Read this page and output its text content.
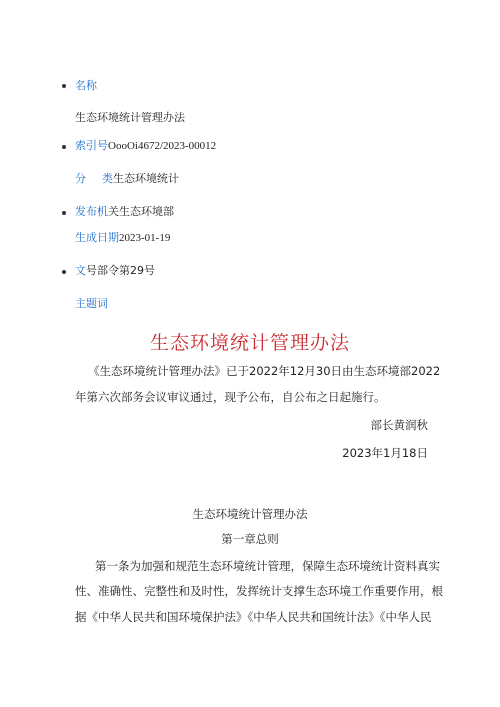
名称
生态环境统计管理办法
索引号OooOi4672/2023-00012
分 类生态环境统计
发布机关生态环境部
生成日期2023-01-19
文号部令第29号
主题词
生态环境统计管理办法
《生态环境统计管理办法》已于2022年12月30日由生态环境部2022
年第六次部务会议审议通过，现予公布，自公布之日起施行。
部长黄润秋
2023年1月18日
生态环境统计管理办法
第一章总则
第一条为加强和规范生态环境统计管理，保障生态环境统计资料真实
性、准确性、完整性和及时性，发挥统计支撑生态环境工作重要作用，根
据《中华人民共和国环境保护法》《中华人民共和国统计法》《中华人民
